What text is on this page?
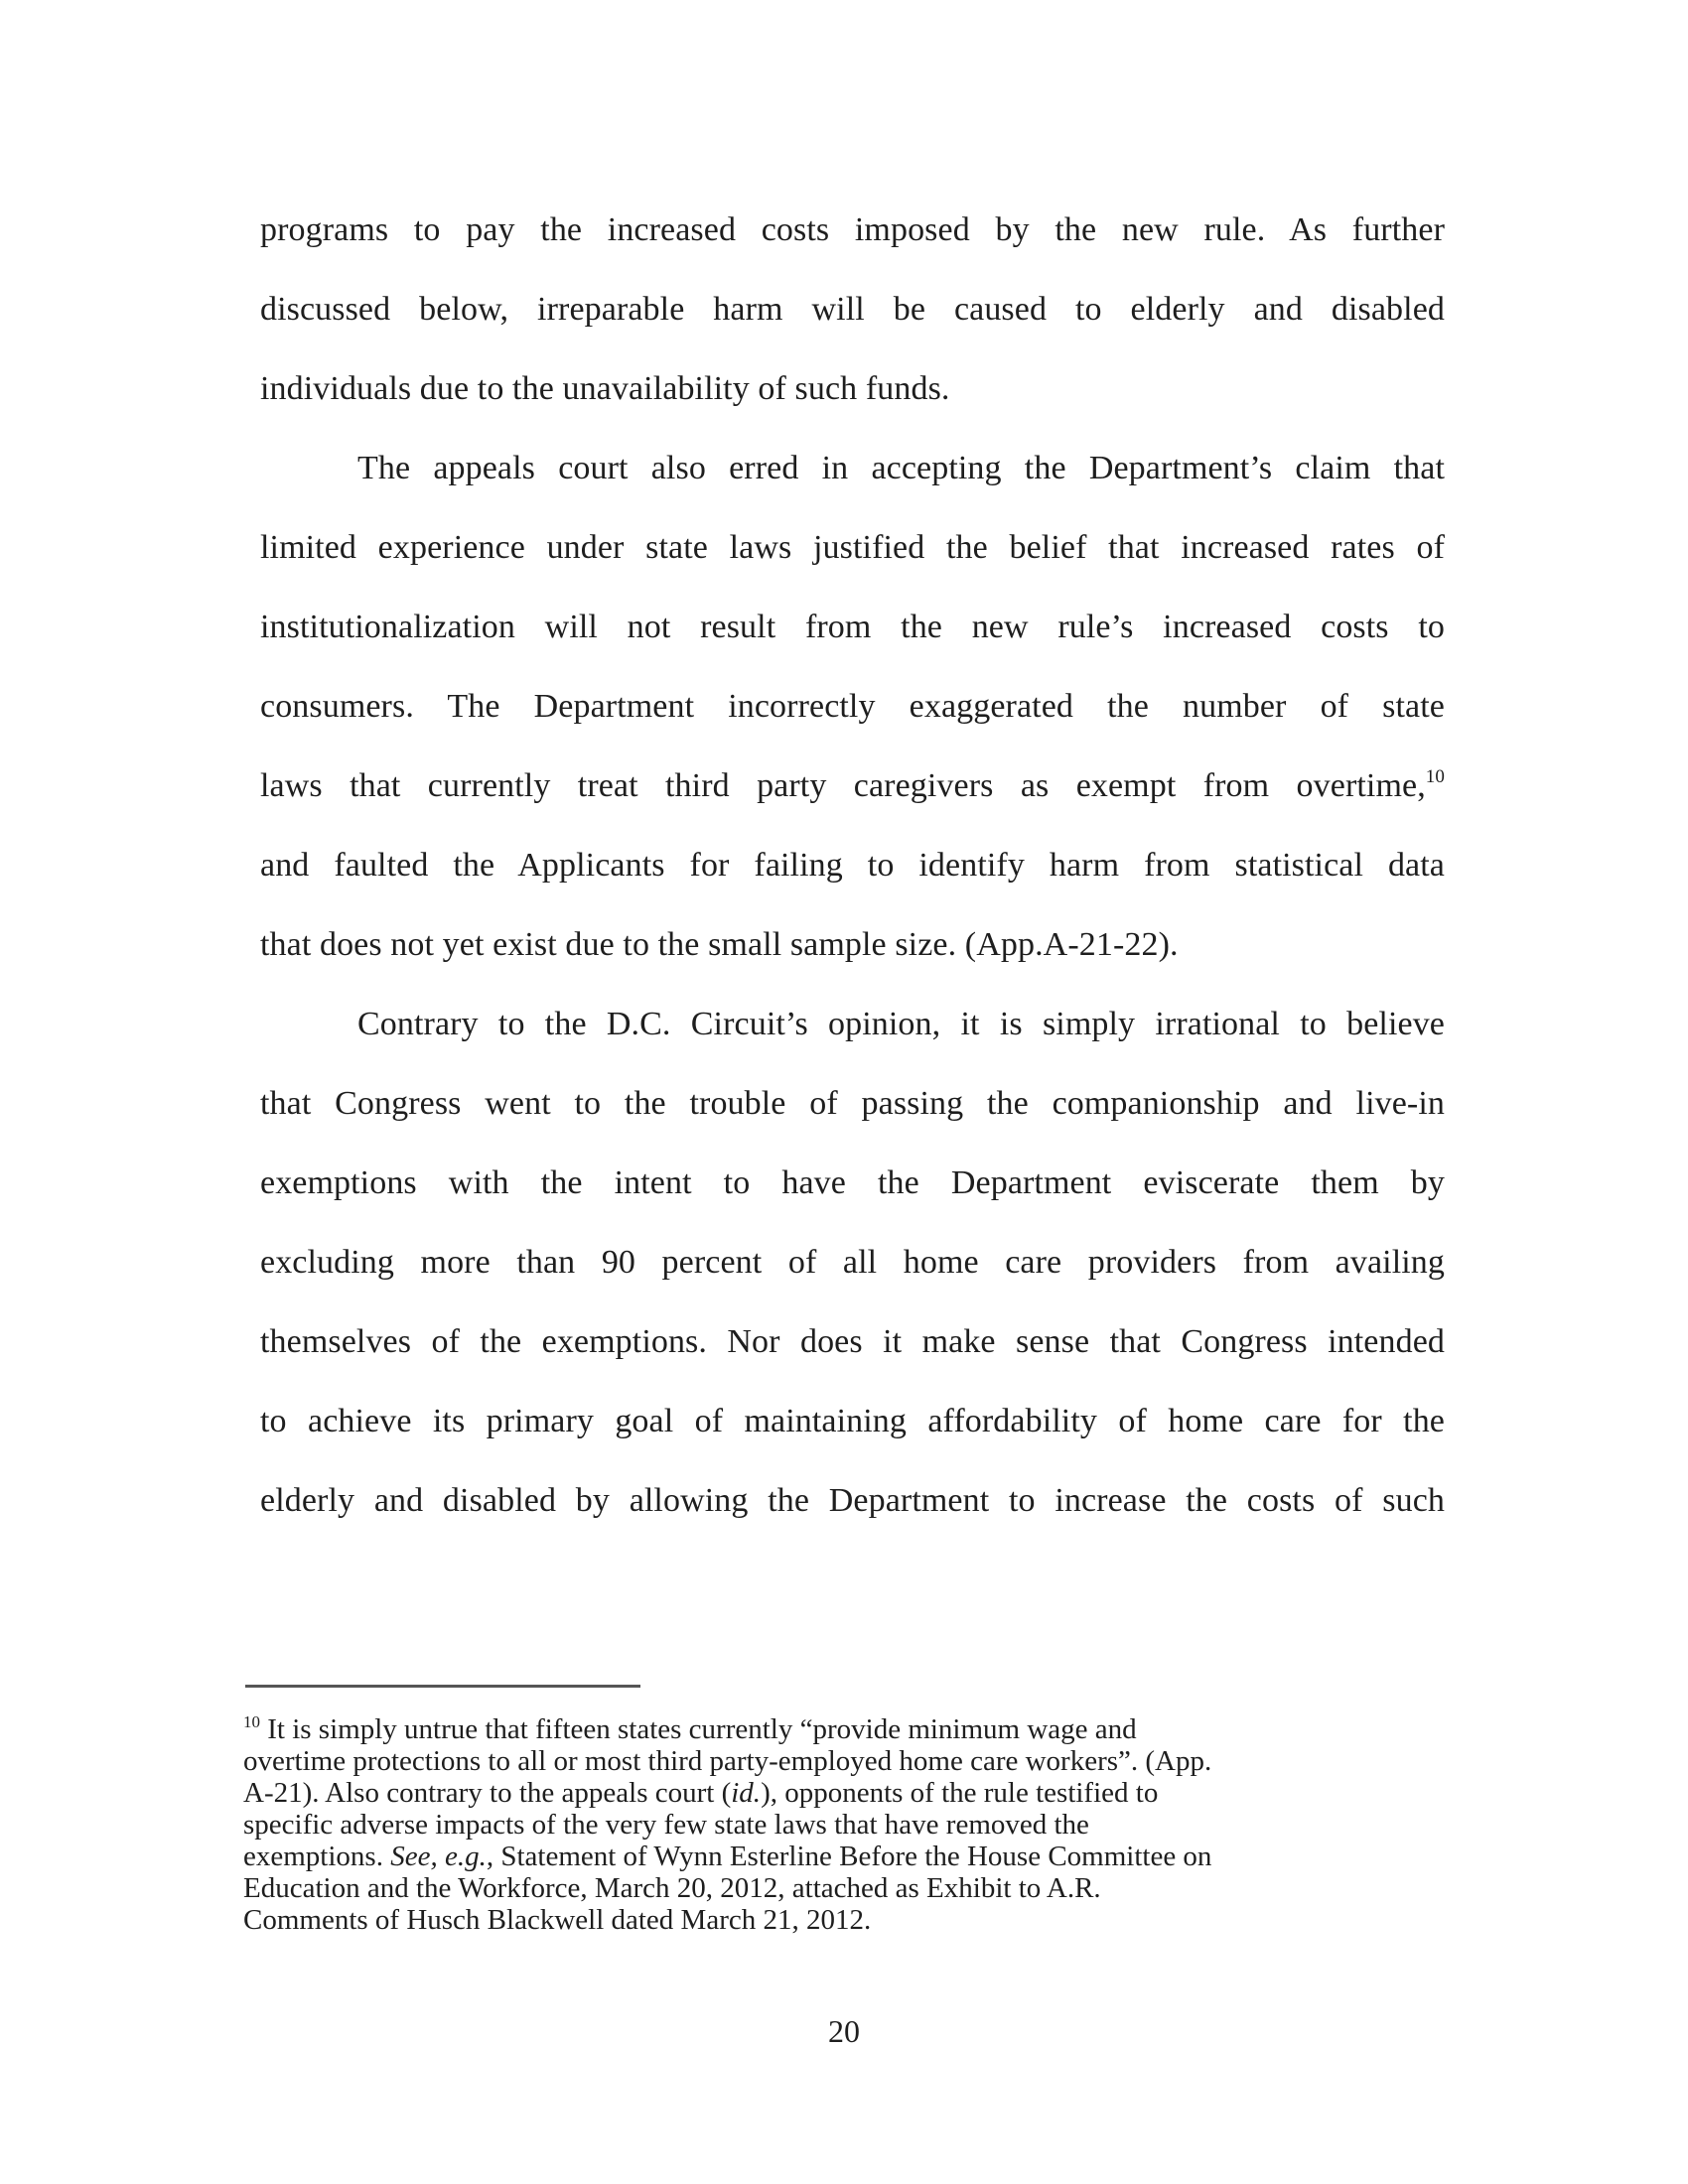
programs to pay the increased costs imposed by the new rule. As further
discussed below, irreparable harm will be caused to elderly and disabled
individuals due to the unavailability of such funds.
The appeals court also erred in accepting the Department’s claim that
limited experience under state laws justified the belief that increased rates of
institutionalization will not result from the new rule’s increased costs to
consumers. The Department incorrectly exaggerated the number of state
laws that currently treat third party caregivers as exempt from overtime,$^{10}$
and faulted the Applicants for failing to identify harm from statistical data
that does not yet exist due to the small sample size. (App.A-21-22).
Contrary to the D.C. Circuit’s opinion, it is simply irrational to believe
that Congress went to the trouble of passing the companionship and live-in
exemptions with the intent to have the Department eviscerate them by
excluding more than 90 percent of all home care providers from availing
themselves of the exemptions. Nor does it make sense that Congress intended
to achieve its primary goal of maintaining affordability of home care for the
elderly and disabled by allowing the Department to increase the costs of such
$^{10}$ It is simply untrue that fifteen states currently “provide minimum wage and
overtime protections to all or most third party-employed home care workers”. (App.
A-21). Also contrary to the appeals court (id.), opponents of the rule testified to
specific adverse impacts of the very few state laws that have removed the
exemptions. See, e.g., Statement of Wynn Esterline Before the House Committee on
Education and the Workforce, March 20, 2012, attached as Exhibit to A.R.
Comments of Husch Blackwell dated March 21, 2012.
20
